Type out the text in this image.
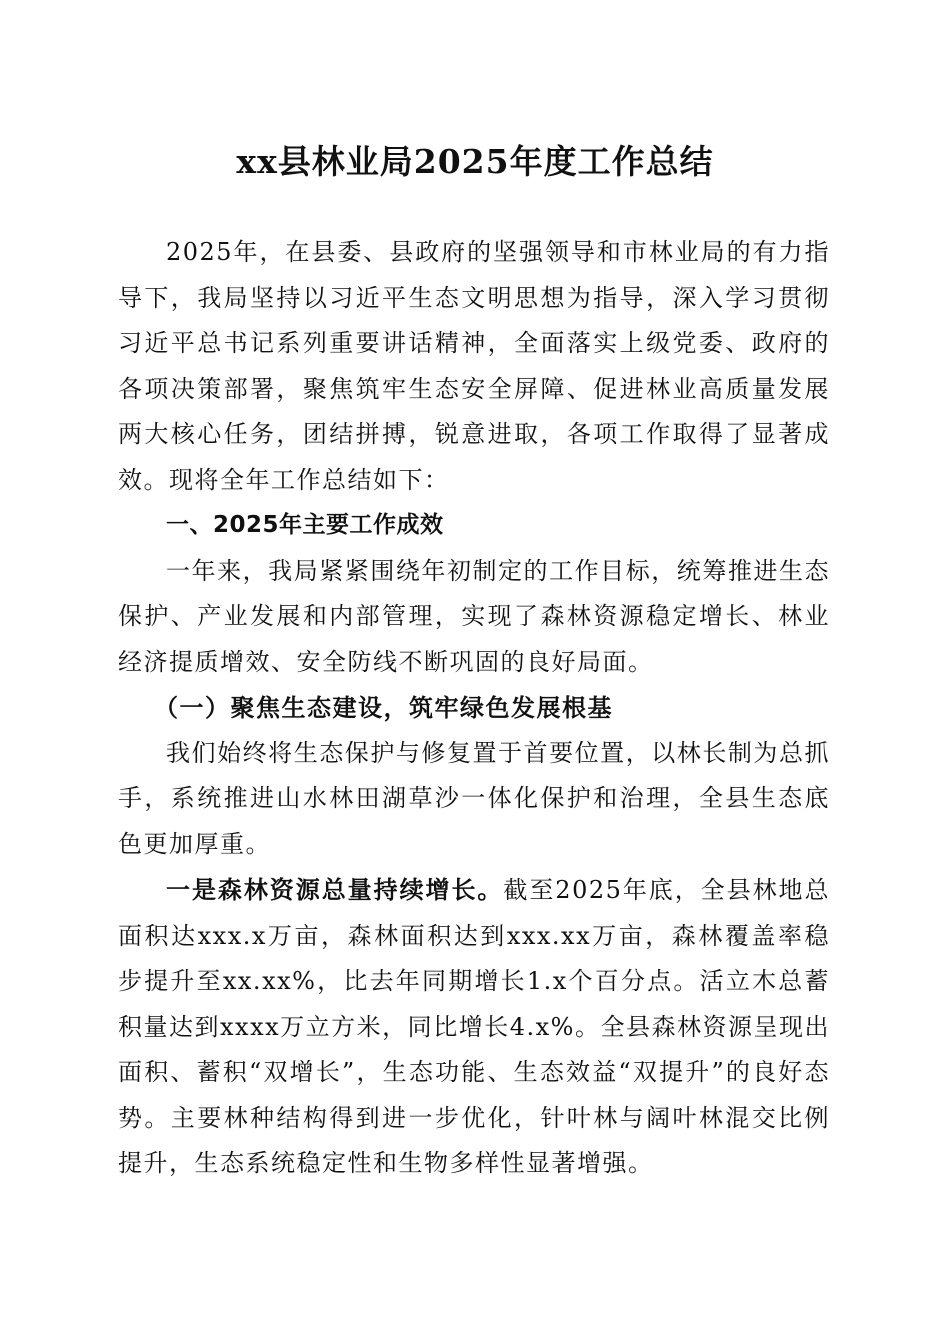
xx县林业局2025年度工作总结

2025年，在县委、县政府的坚强领导和市林业局的有力指导下，我局坚持以习近平生态文明思想为指导，深入学习贯彻习近平总书记系列重要讲话精神，全面落实上级党委、政府的各项决策部署，聚焦筑牢生态安全屏障、促进林业高质量发展两大核心任务，团结拼搏，锐意进取，各项工作取得了显著成效。现将全年工作总结如下：

一、2025年主要工作成效

一年来，我局紧紧围绕年初制定的工作目标，统筹推进生态保护、产业发展和内部管理，实现了森林资源稳定增长、林业经济提质增效、安全防线不断巩固的良好局面。

（一）聚焦生态建设，筑牢绿色发展根基

我们始终将生态保护与修复置于首要位置，以林长制为总抓手，系统推进山水林田湖草沙一体化保护和治理，全县生态底色更加厚重。

一是森林资源总量持续增长。截至2025年底，全县林地总面积达xxx.x万亩，森林面积达到xxx.xx万亩，森林覆盖率稳步提升至xx.xx%，比去年同期增长1.x个百分点。活立木总蓄积量达到xxxx万立方米，同比增长4.x%。全县森林资源呈现出面积、蓄积“双增长”，生态功能、生态效益“双提升”的良好态势。主要林种结构得到进一步优化，针叶林与阔叶林混交比例提升，生态系统稳定性和生物多样性显著增强。
